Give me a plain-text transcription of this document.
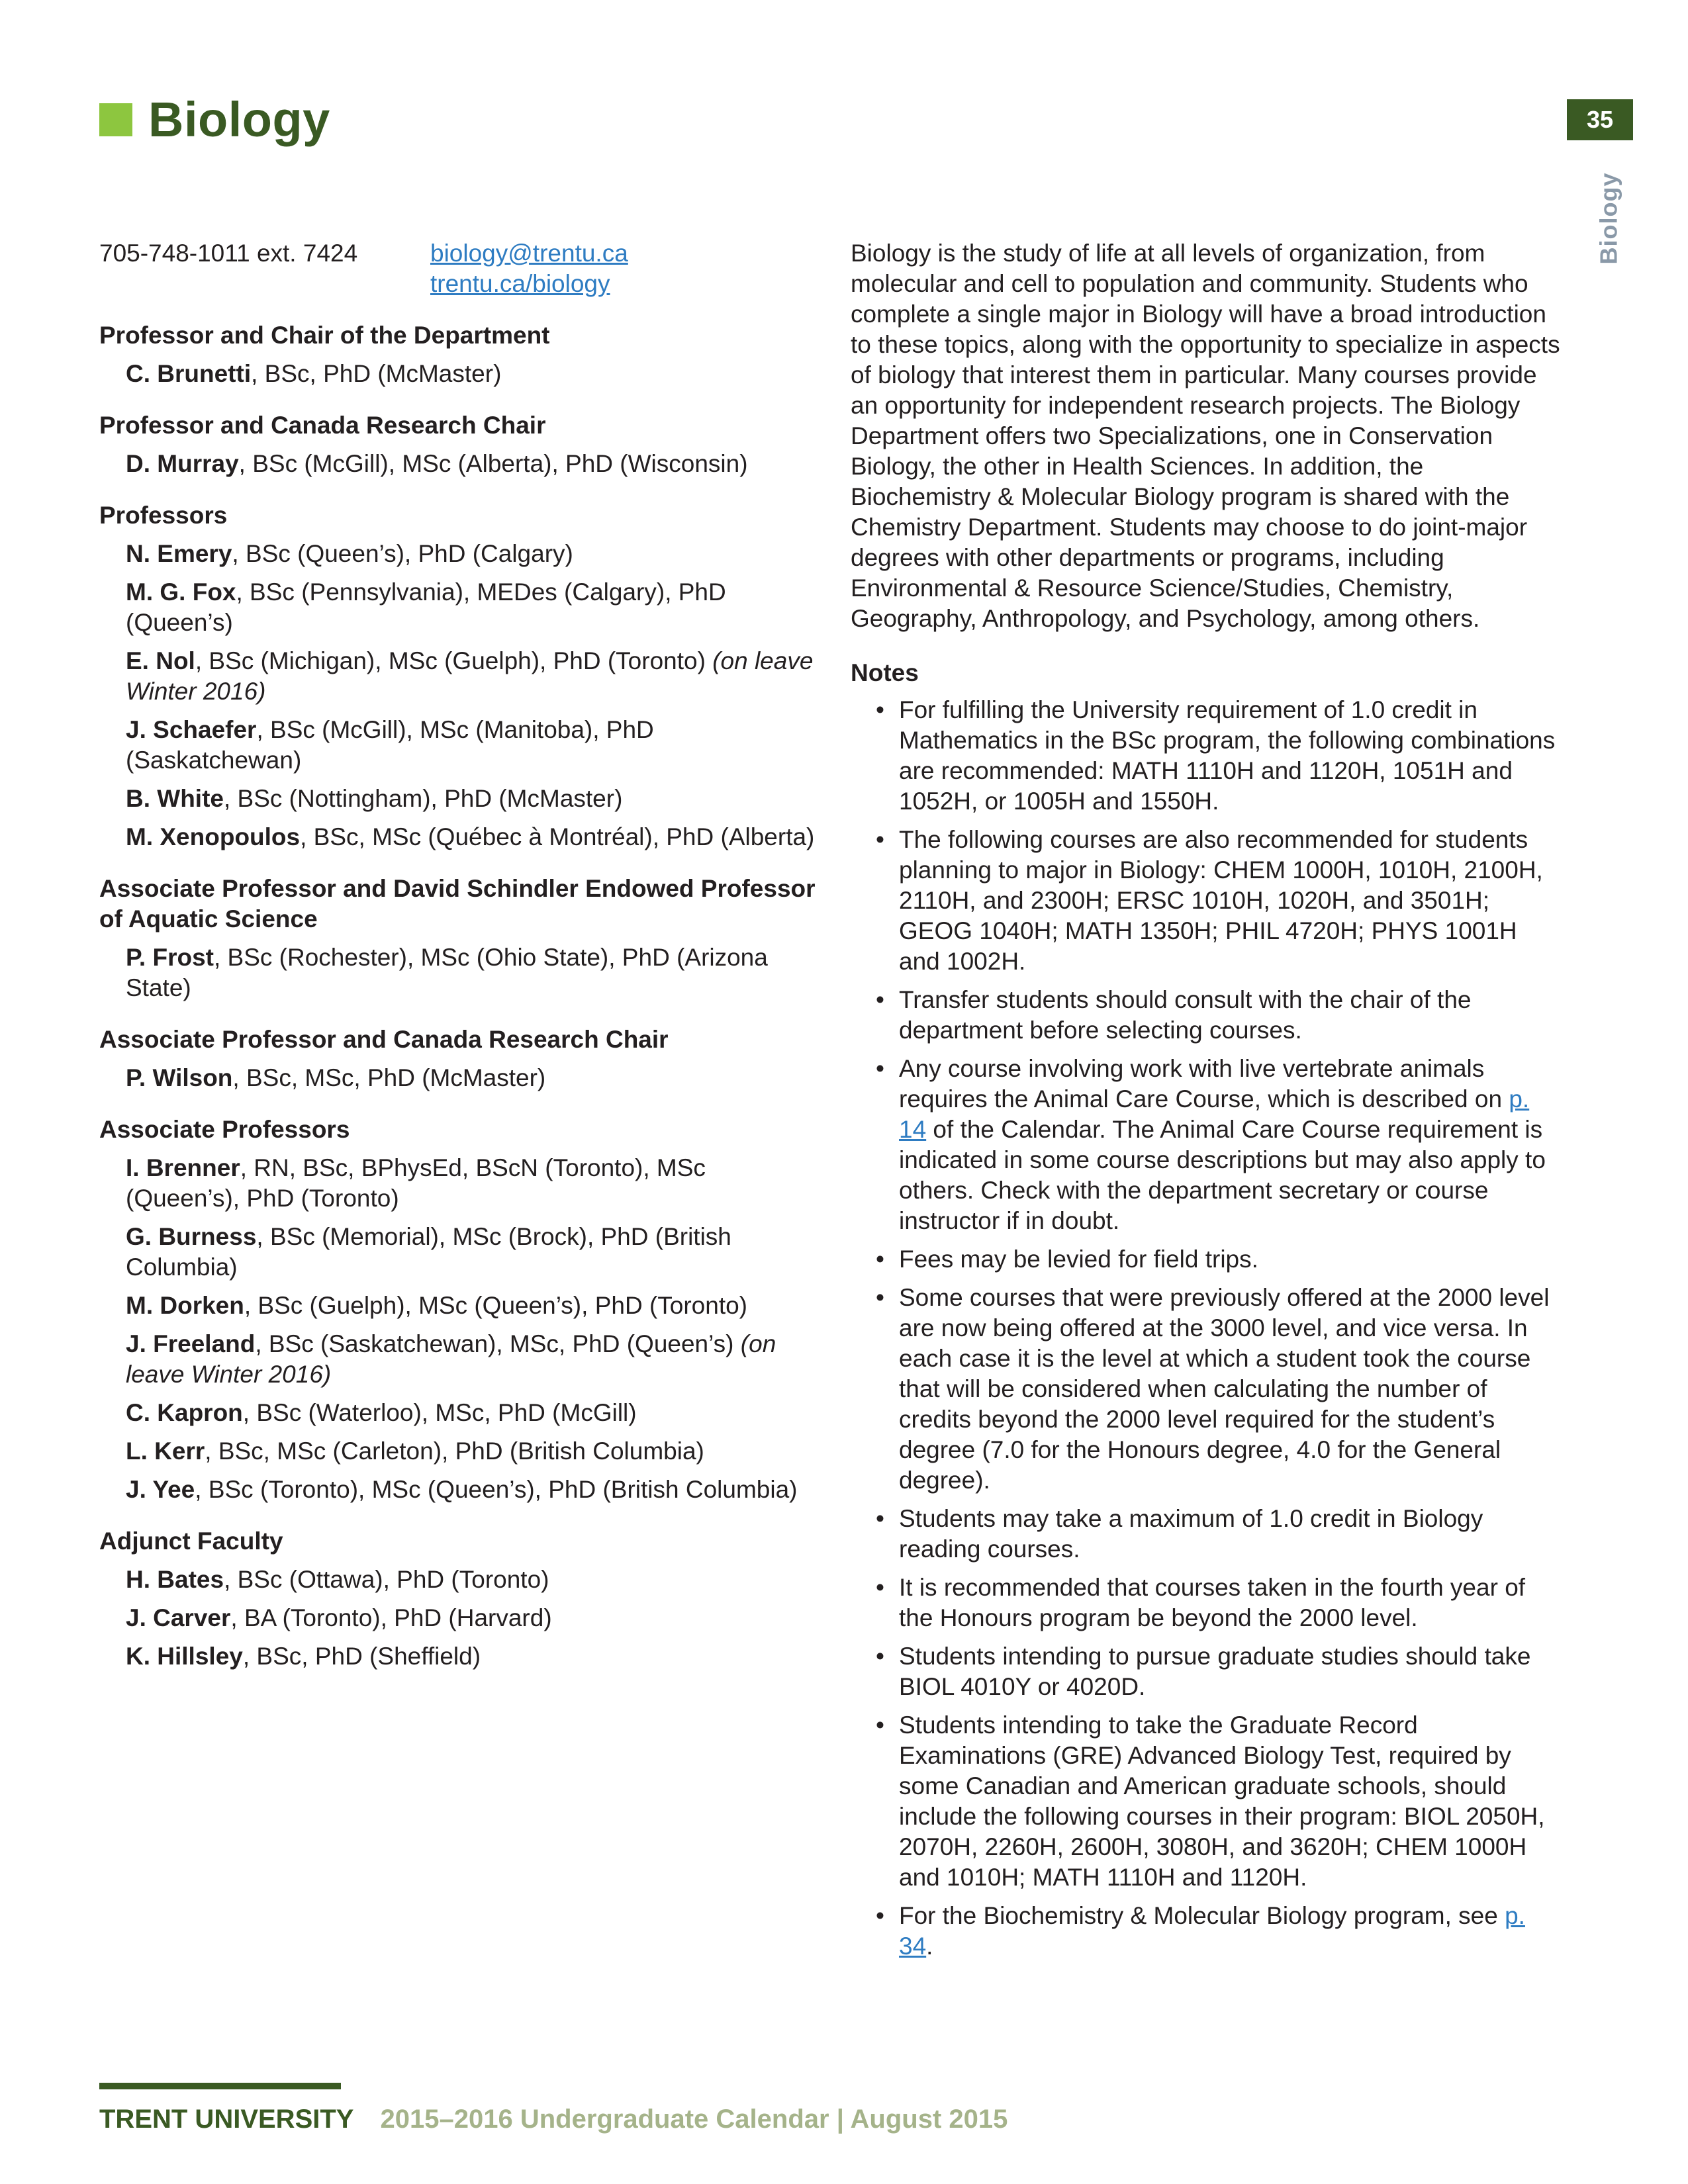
Biology	35
Biology
705-748-1011 ext. 7424	biology@trentu.ca
trentu.ca/biology
Professor and Chair of the Department
C. Brunetti, BSc, PhD (McMaster)
Professor and Canada Research Chair
D. Murray, BSc (McGill), MSc (Alberta), PhD (Wisconsin)
Professors
N. Emery, BSc (Queen’s), PhD (Calgary)
M. G. Fox, BSc (Pennsylvania), MEDes (Calgary), PhD (Queen’s)
E. Nol, BSc (Michigan), MSc (Guelph), PhD (Toronto) (on leave Winter 2016)
J. Schaefer, BSc (McGill), MSc (Manitoba), PhD (Saskatchewan)
B. White, BSc (Nottingham), PhD (McMaster)
M. Xenopoulos, BSc, MSc (Québec à Montréal), PhD (Alberta)
Associate Professor and David Schindler Endowed Professor of Aquatic Science
P. Frost, BSc (Rochester), MSc (Ohio State), PhD (Arizona State)
Associate Professor and Canada Research Chair
P. Wilson, BSc, MSc, PhD (McMaster)
Associate Professors
I. Brenner, RN, BSc, BPhysEd, BScN (Toronto), MSc (Queen’s), PhD (Toronto)
G. Burness, BSc (Memorial), MSc (Brock), PhD (British Columbia)
M. Dorken, BSc (Guelph), MSc (Queen’s), PhD (Toronto)
J. Freeland, BSc (Saskatchewan), MSc, PhD (Queen’s) (on leave Winter 2016)
C. Kapron, BSc (Waterloo), MSc, PhD (McGill)
L. Kerr, BSc, MSc (Carleton), PhD (British Columbia)
J. Yee, BSc (Toronto), MSc (Queen’s), PhD (British Columbia)
Adjunct Faculty
H. Bates, BSc (Ottawa), PhD (Toronto)
J. Carver, BA (Toronto), PhD (Harvard)
K. Hillsley, BSc, PhD (Sheffield)

Biology is the study of life at all levels of organization, from molecular and cell to population and community. Students who complete a single major in Biology will have a broad introduction to these topics, along with the opportunity to specialize in aspects of biology that interest them in particular. Many courses provide an opportunity for independent research projects. The Biology Department offers two Specializations, one in Conservation Biology, the other in Health Sciences. In addition, the Biochemistry & Molecular Biology program is shared with the Chemistry Department. Students may choose to do joint-major degrees with other departments or programs, including Environmental & Resource Science/Studies, Chemistry, Geography, Anthropology, and Psychology, among others.

Notes
• For fulfilling the University requirement of 1.0 credit in Mathematics in the BSc program, the following combinations are recommended: MATH 1110H and 1120H, 1051H and 1052H, or 1005H and 1550H.
• The following courses are also recommended for students planning to major in Biology: CHEM 1000H, 1010H, 2100H, 2110H, and 2300H; ERSC 1010H, 1020H, and 3501H; GEOG 1040H; MATH 1350H; PHIL 4720H; PHYS 1001H and 1002H.
• Transfer students should consult with the chair of the department before selecting courses.
• Any course involving work with live vertebrate animals requires the Animal Care Course, which is described on p. 14 of the Calendar. The Animal Care Course requirement is indicated in some course descriptions but may also apply to others. Check with the department secretary or course instructor if in doubt.
• Fees may be levied for field trips.
• Some courses that were previously offered at the 2000 level are now being offered at the 3000 level, and vice versa. In each case it is the level at which a student took the course that will be considered when calculating the number of credits beyond the 2000 level required for the student’s degree (7.0 for the Honours degree, 4.0 for the General degree).
• Students may take a maximum of 1.0 credit in Biology reading courses.
• It is recommended that courses taken in the fourth year of the Honours program be beyond the 2000 level.
• Students intending to pursue graduate studies should take BIOL 4010Y or 4020D.
• Students intending to take the Graduate Record Examinations (GRE) Advanced Biology Test, required by some Canadian and American graduate schools, should include the following courses in their program: BIOL 2050H, 2070H, 2260H, 2600H, 3080H, and 3620H; CHEM 1000H and 1010H; MATH 1110H and 1120H.
• For the Biochemistry & Molecular Biology program, see p. 34.
TRENT UNIVERSITY 2015–2016 Undergraduate Calendar | August 2015
